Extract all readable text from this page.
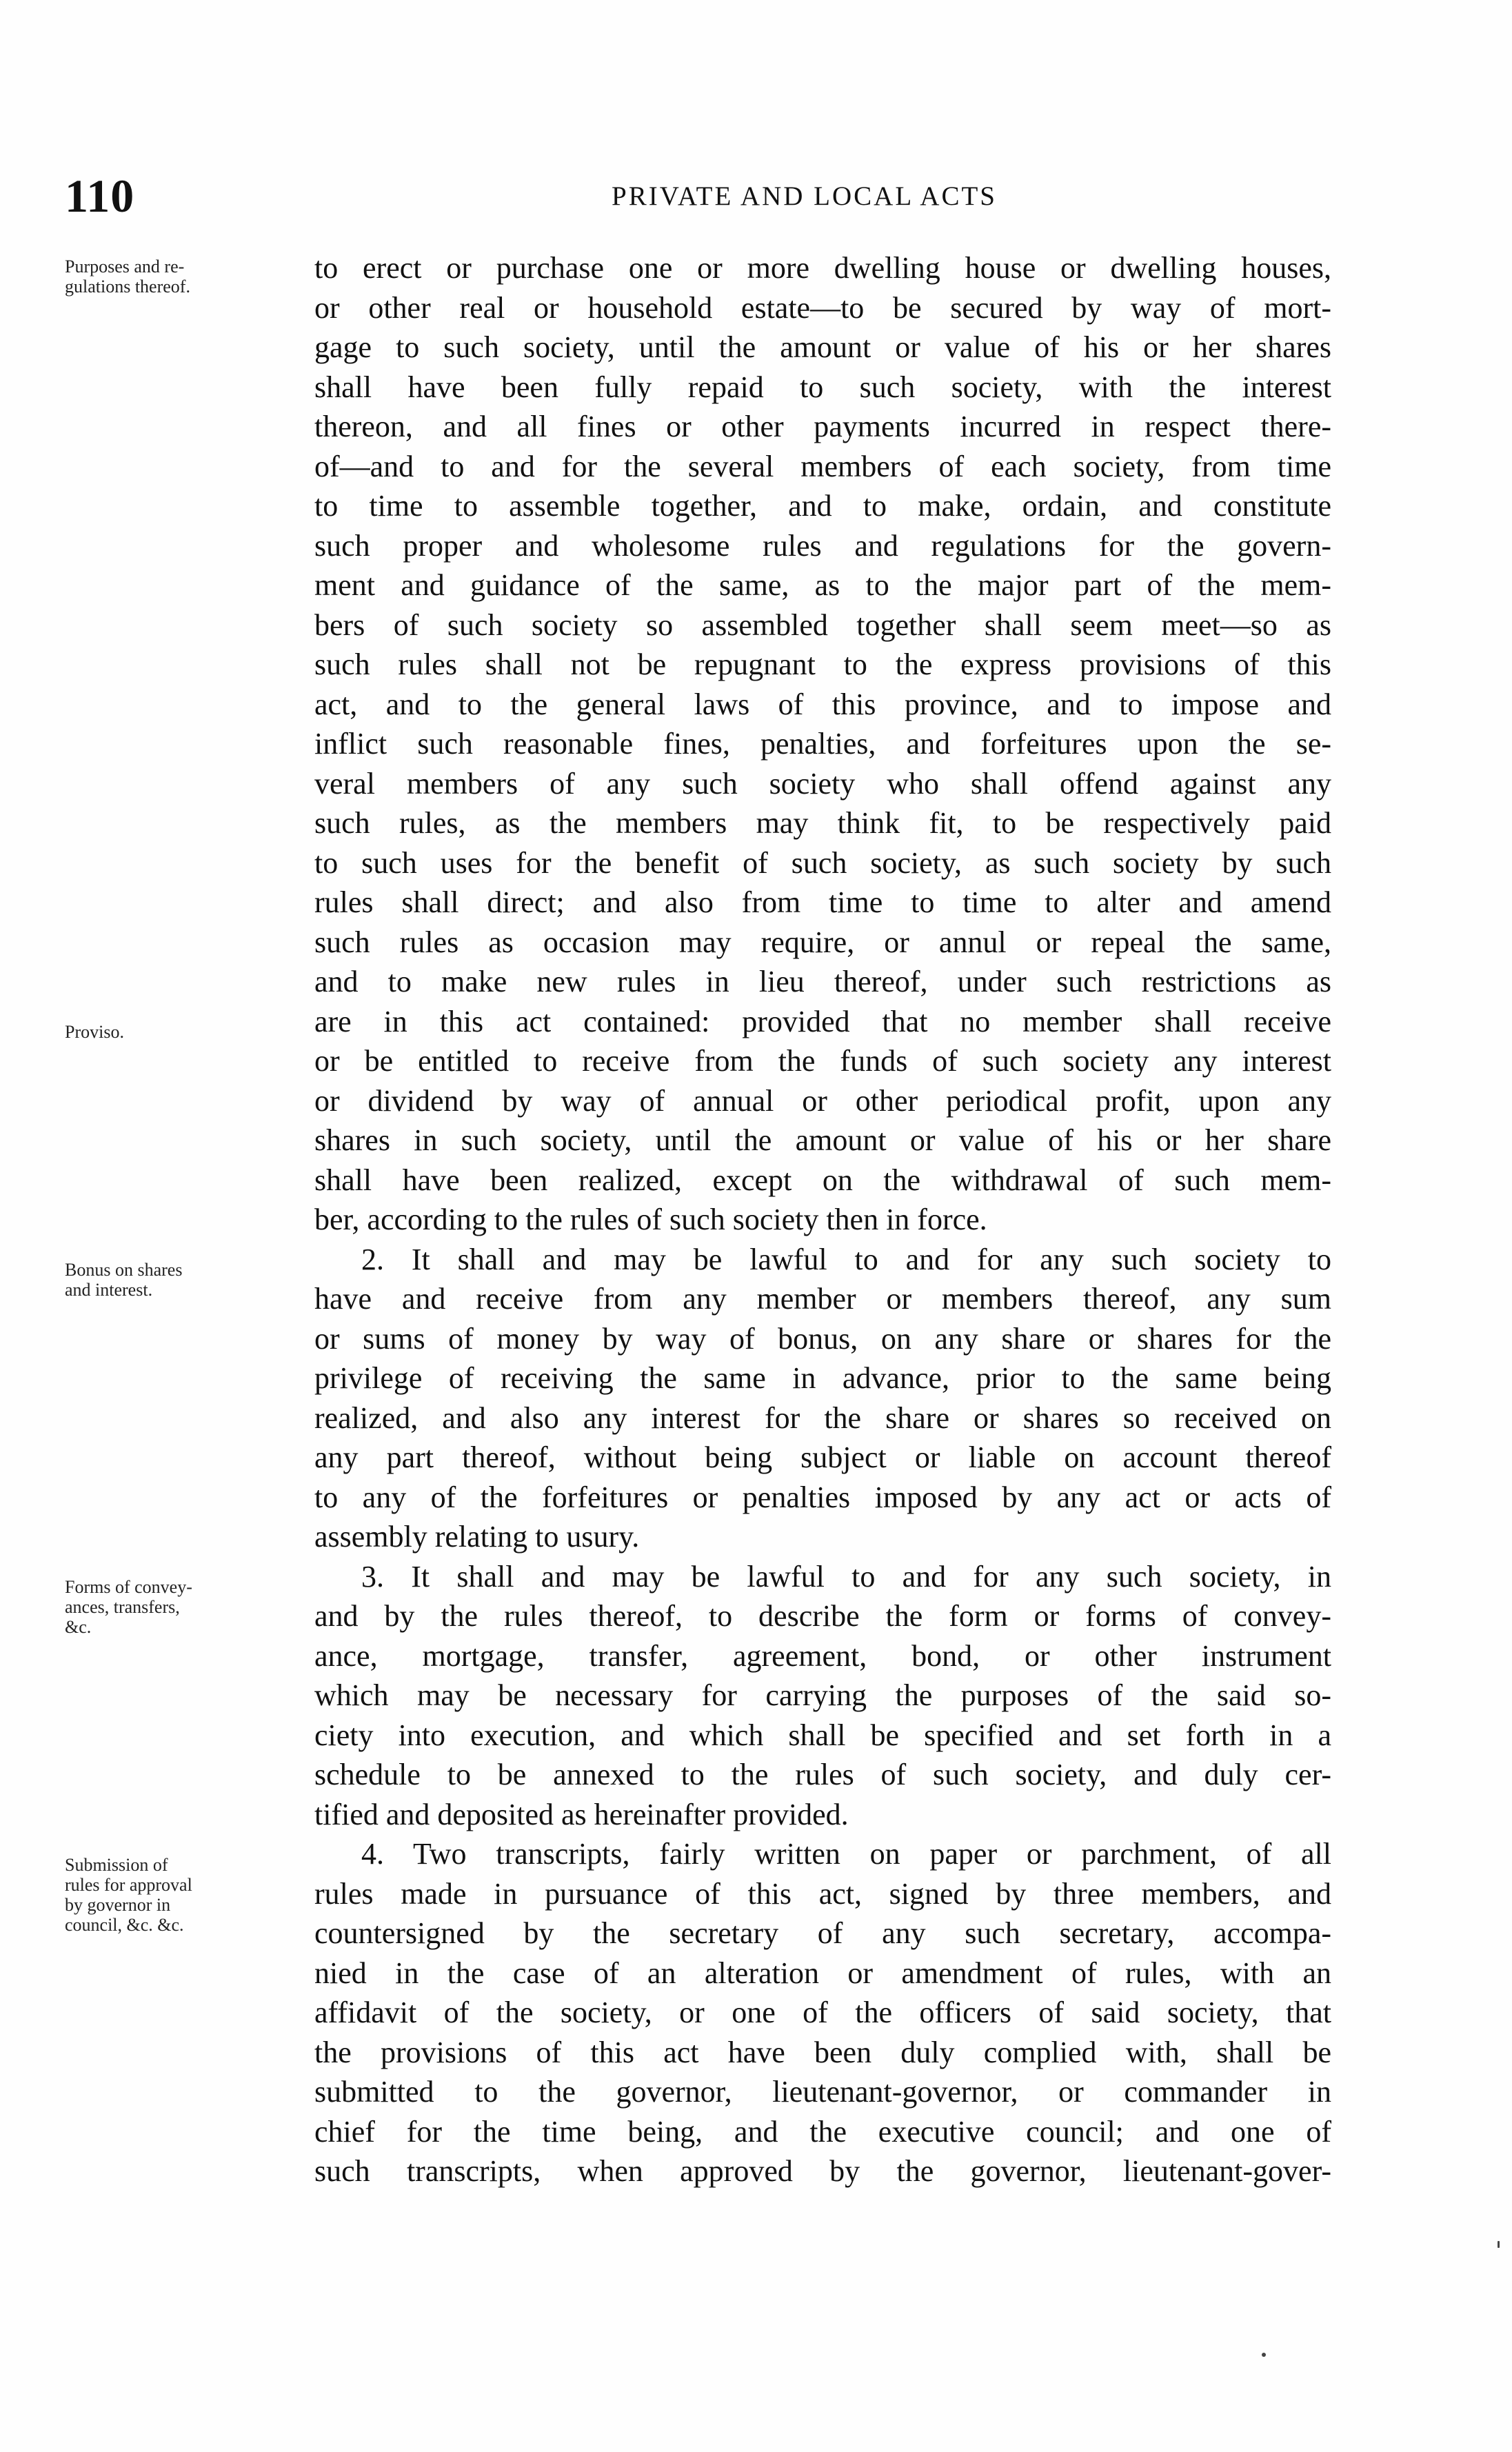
110	PRIVATE AND LOCAL ACTS
Purposes and re-
gulations thereof.
Proviso.
Bonus on shares
and interest.
Forms of convey-
ances, transfers,
&c.
Submission of
rules for approval
by governor in
council, &c. &c.
to erect or purchase one or more dwelling house or dwelling houses,
or other real or household estate—to be secured by way of mort-
gage to such society, until the amount or value of his or her shares
shall have been fully repaid to such society, with the interest
thereon, and all fines or other payments incurred in respect there-
of—and to and for the several members of each society, from time
to time to assemble together, and to make, ordain, and constitute
such proper and wholesome rules and regulations for the govern-
ment and guidance of the same, as to the major part of the mem-
bers of such society so assembled together shall seem meet—so as
such rules shall not be repugnant to the express provisions of this
act, and to the general laws of this province, and to impose and
inflict such reasonable fines, penalties, and forfeitures upon the se-
veral members of any such society who shall offend against any
such rules, as the members may think fit, to be respectively paid
to such uses for the benefit of such society, as such society by such
rules shall direct; and also from time to time to alter and amend
such rules as occasion may require, or annul or repeal the same,
and to make new rules in lieu thereof, under such restrictions as
are in this act contained: provided that no member shall receive
or be entitled to receive from the funds of such society any interest
or dividend by way of annual or other periodical profit, upon any
shares in such society, until the amount or value of his or her share
shall have been realized, except on the withdrawal of such mem-
ber, according to the rules of such society then in force.
2. It shall and may be lawful to and for any such society to
have and receive from any member or members thereof, any sum
or sums of money by way of bonus, on any share or shares for the
privilege of receiving the same in advance, prior to the same being
realized, and also any interest for the share or shares so received on
any part thereof, without being subject or liable on account thereof
to any of the forfeitures or penalties imposed by any act or acts of
assembly relating to usury.
3. It shall and may be lawful to and for any such society, in
and by the rules thereof, to describe the form or forms of convey-
ance, mortgage, transfer, agreement, bond, or other instrument
which may be necessary for carrying the purposes of the said so-
ciety into execution, and which shall be specified and set forth in a
schedule to be annexed to the rules of such society, and duly cer-
tified and deposited as hereinafter provided.
4. Two transcripts, fairly written on paper or parchment, of all
rules made in pursuance of this act, signed by three members, and
countersigned by the secretary of any such secretary, accompa-
nied in the case of an alteration or amendment of rules, with an
affidavit of the society, or one of the officers of said society, that
the provisions of this act have been duly complied with, shall be
submitted to the governor, lieutenant-governor, or commander in
chief for the time being, and the executive council; and one of
such transcripts, when approved by the governor, lieutenant-gover-
